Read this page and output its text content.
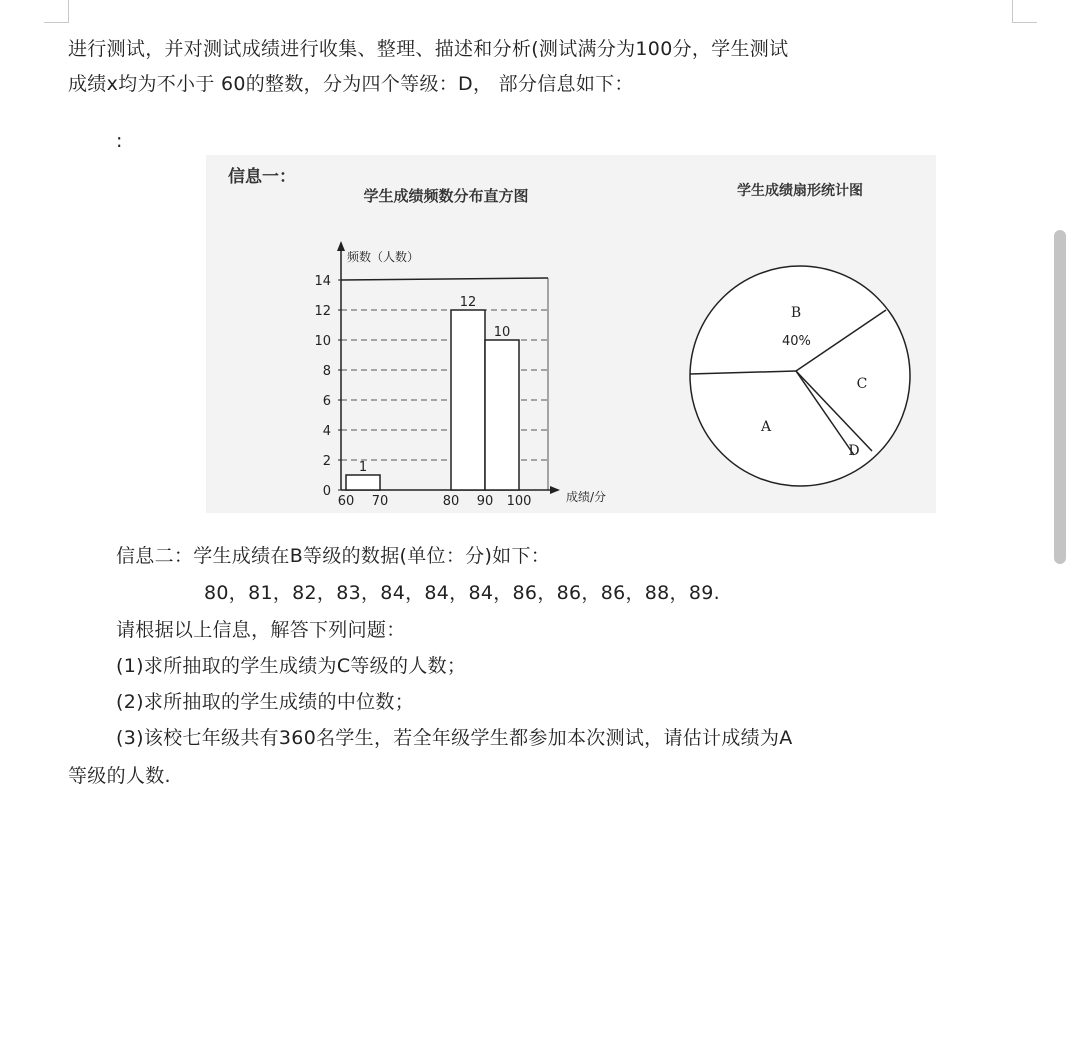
进行测试，并对测试成绩进行收集、整理、描述和分析(测试满分为100分，学生测试
成绩x均为不小于 60的整数，分为四个等级：D， 部分信息如下：
:
学生成绩频数分布直方图
0
2
4
6
8
10
12
14
频数（人数）
成绩/分
1
12
10
60 70	80 90 100
学生成绩扇形统计图
A
B
40%
C
D
信息一：
信息二：学生成绩在B等级的数据(单位：分)如下：
80，81，82，83，84，84，84，86，86，86，88，89.
请根据以上信息，解答下列问题：
(1)求所抽取的学生成绩为C等级的人数；
(2)求所抽取的学生成绩的中位数；
(3)该校七年级共有360名学生，若全年级学生都参加本次测试，请估计成绩为A
等级的人数.
